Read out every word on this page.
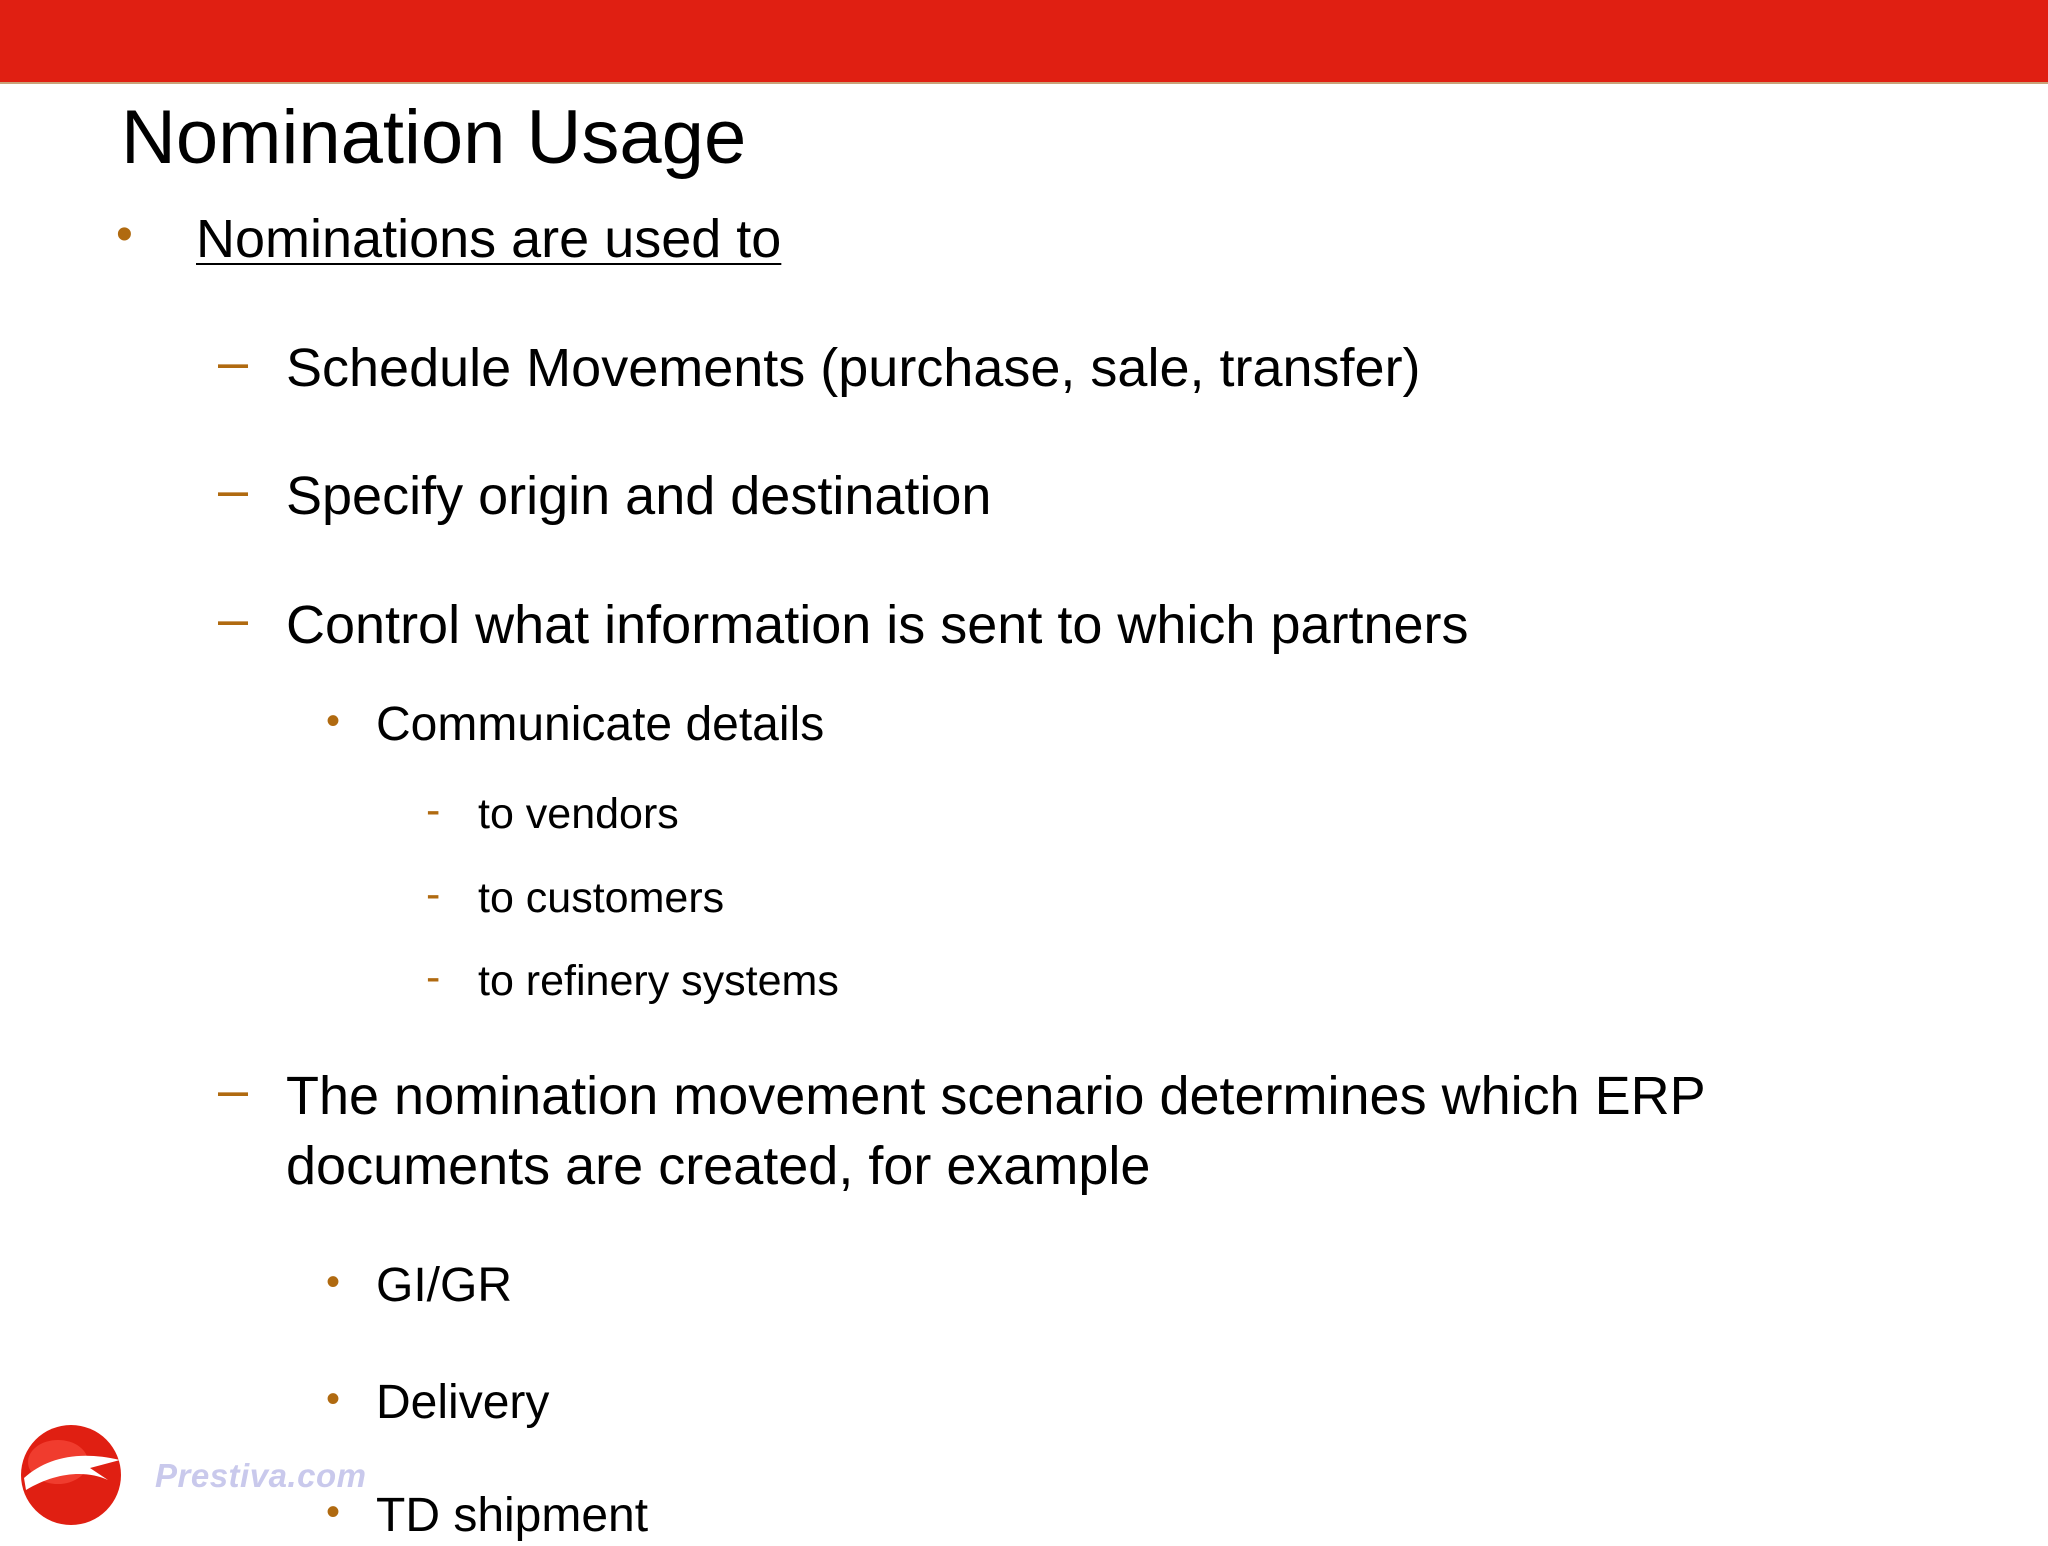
Nomination Usage
• Nominations are used to
– Schedule Movements (purchase, sale, transfer)
– Specify origin and destination
– Control what information is sent to which partners
• Communicate details
- to vendors
- to customers
- to refinery systems
– The nomination movement scenario determines which ERP
documents are created, for example
• GI/GR
• Delivery
• TD shipment
Prestiva.com
